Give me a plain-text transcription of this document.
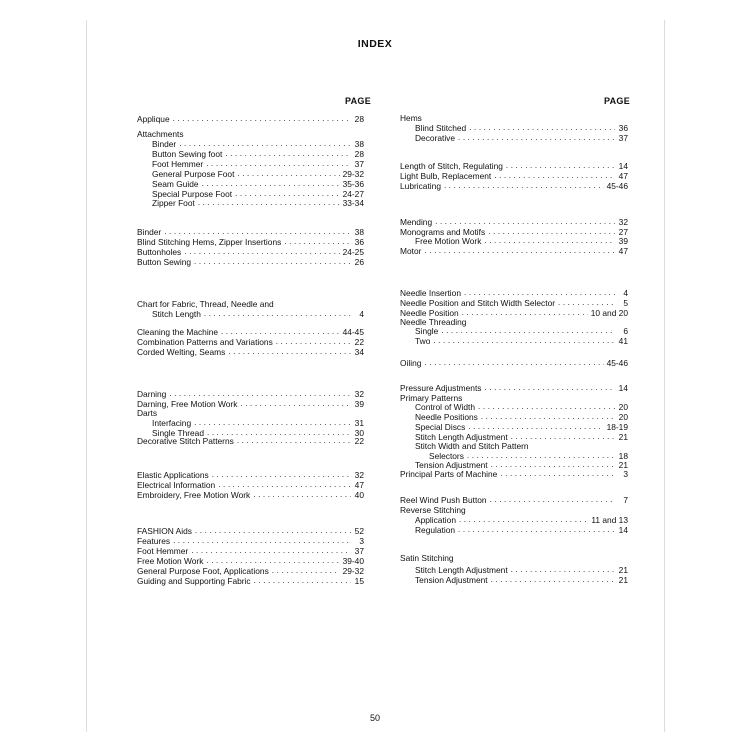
INDEX
PAGE	PAGE
Applique .....	28
Attachments
Binder .....	38
Button Sewing foot .....	28
Foot Hemmer .....	37
General Purpose Foot .....	29-32
Seam Guide .....	35-36
Special Purpose Foot .....	24-27
Zipper Foot .....	33-34
Binder .....	38
Blind Stitching Hems, Zipper Insertions .....	36
Buttonholes .....	24-25
Button Sewing .....	26
Chart for Fabric, Thread, Needle and
Stitch Length .....	4
Cleaning the Machine .....	44-45
Combination Patterns and Variations .....	22
Corded Welting, Seams .....	34
Darning .....	32
Darning, Free Motion Work .....	39
Darts
Interfacing .....	31
Single Thread .....	30
Decorative Stitch Patterns .....	22
Elastic Applications .....	32
Electrical Information .....	47
Embroidery, Free Motion Work .....	40
FASHION Aids .....	52
Features .....	3
Foot Hemmer .....	37
Free Motion Work .....	39-40
General Purpose Foot, Applications .....	29-32
Guiding and Supporting Fabric .....	15
Hems
Blind Stitched .....	36
Decorative .....	37
Length of Stitch, Regulating .....	14
Light Bulb, Replacement .....	47
Lubricating .....	45-46
Mending .....	32
Monograms and Motifs .....	27
Free Motion Work .....	39
Motor .....	47
Needle Insertion .....	4
Needle Position and Stitch Width Selector .....	5
Needle Position .....	10 and 20
Needle Threading
Single .....	6
Two .....	41
Oiling .....	45-46
Pressure Adjustments .....	14
Primary Patterns
Control of Width .....	20
Needle Positions .....	20
Special Discs .....	18-19
Stitch Length Adjustment .....	21
Stitch Width and Stitch Pattern
Selectors .....	18
Tension Adjustment .....	21
Principal Parts of Machine .....	3
Reel Wind Push Button .....	7
Reverse Stitching
Application .....	11 and 13
Regulation .....	14
Satin Stitching
Stitch Length Adjustment .....	21
Tension Adjustment .....	21
50
